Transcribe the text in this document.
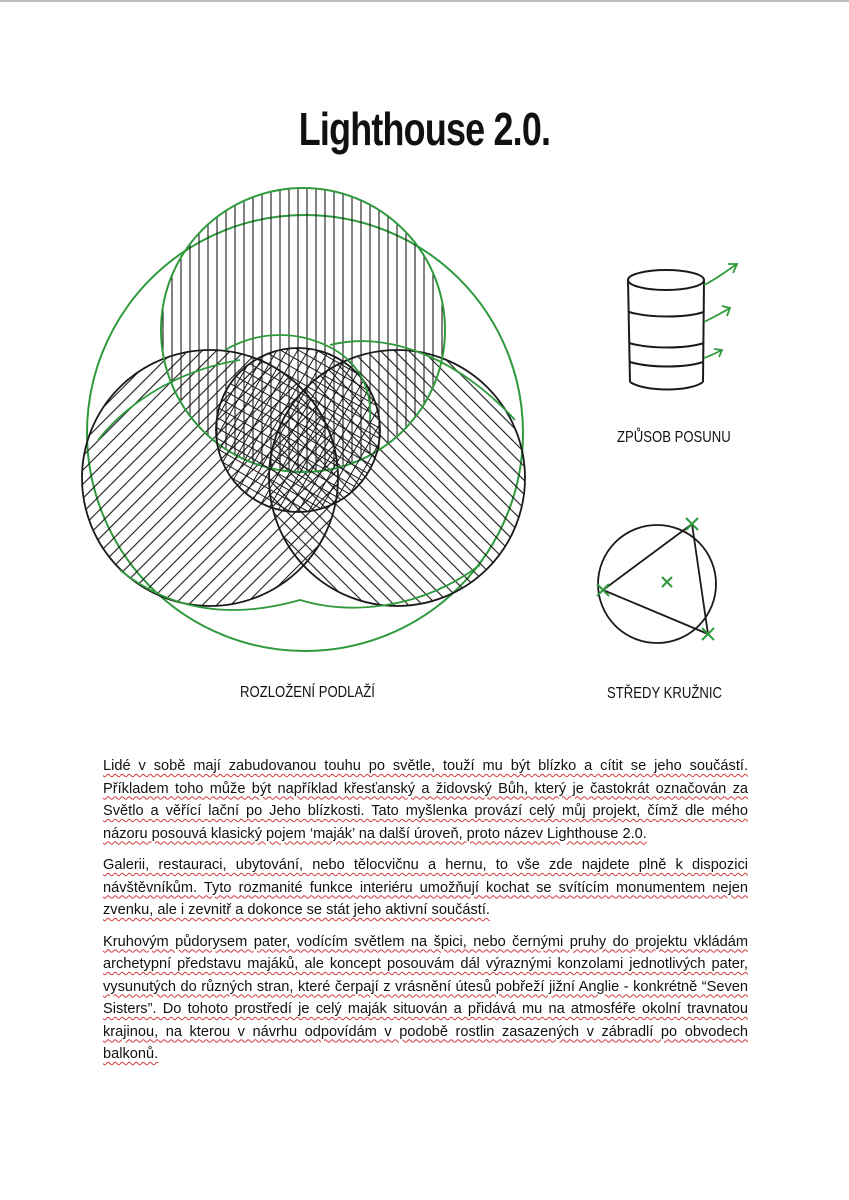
Lighthouse 2.0.
ZPŮSOB POSUNU
ROZLOŽENÍ PODLAŽÍ	STŘEDY KRUŽNIC

Lidé v sobě mají zabudovanou touhu po světle, touží mu být blízko a cítit se jeho součástí. Příkladem toho může být například křesťanský a židovský Bůh, který je častokrát označován za Světlo a věřící lační po Jeho blízkosti. Tato myšlenka provází celý můj projekt, čímž dle mého názoru posouvá klasický pojem ‘maják’ na další úroveň, proto název Lighthouse 2.0.

Galerii, restauraci, ubytování, nebo tělocvičnu a hernu, to vše zde najdete plně k dispozici návštěvníkům. Tyto rozmanité funkce interiéru umožňují kochat se svítícím monumentem nejen zvenku, ale i zevnitř a dokonce se stát jeho aktivní součástí.

Kruhovým půdorysem pater, vodícím světlem na špici, nebo černými pruhy do projektu vkládám archetypní představu majáků, ale koncept posouvám dál výraznými konzolami jednotlivých pater, vysunutých do různých stran, které čerpají z vrásnění útesů pobřeží jižní Anglie - konkrétně “Seven Sisters”. Do tohoto prostředí je celý maják situován a přidává mu na atmosféře okolní travnatou krajinou, na kterou v návrhu odpovídám v podobě rostlin zasazených v zábradlí po obvodech balkonů.
